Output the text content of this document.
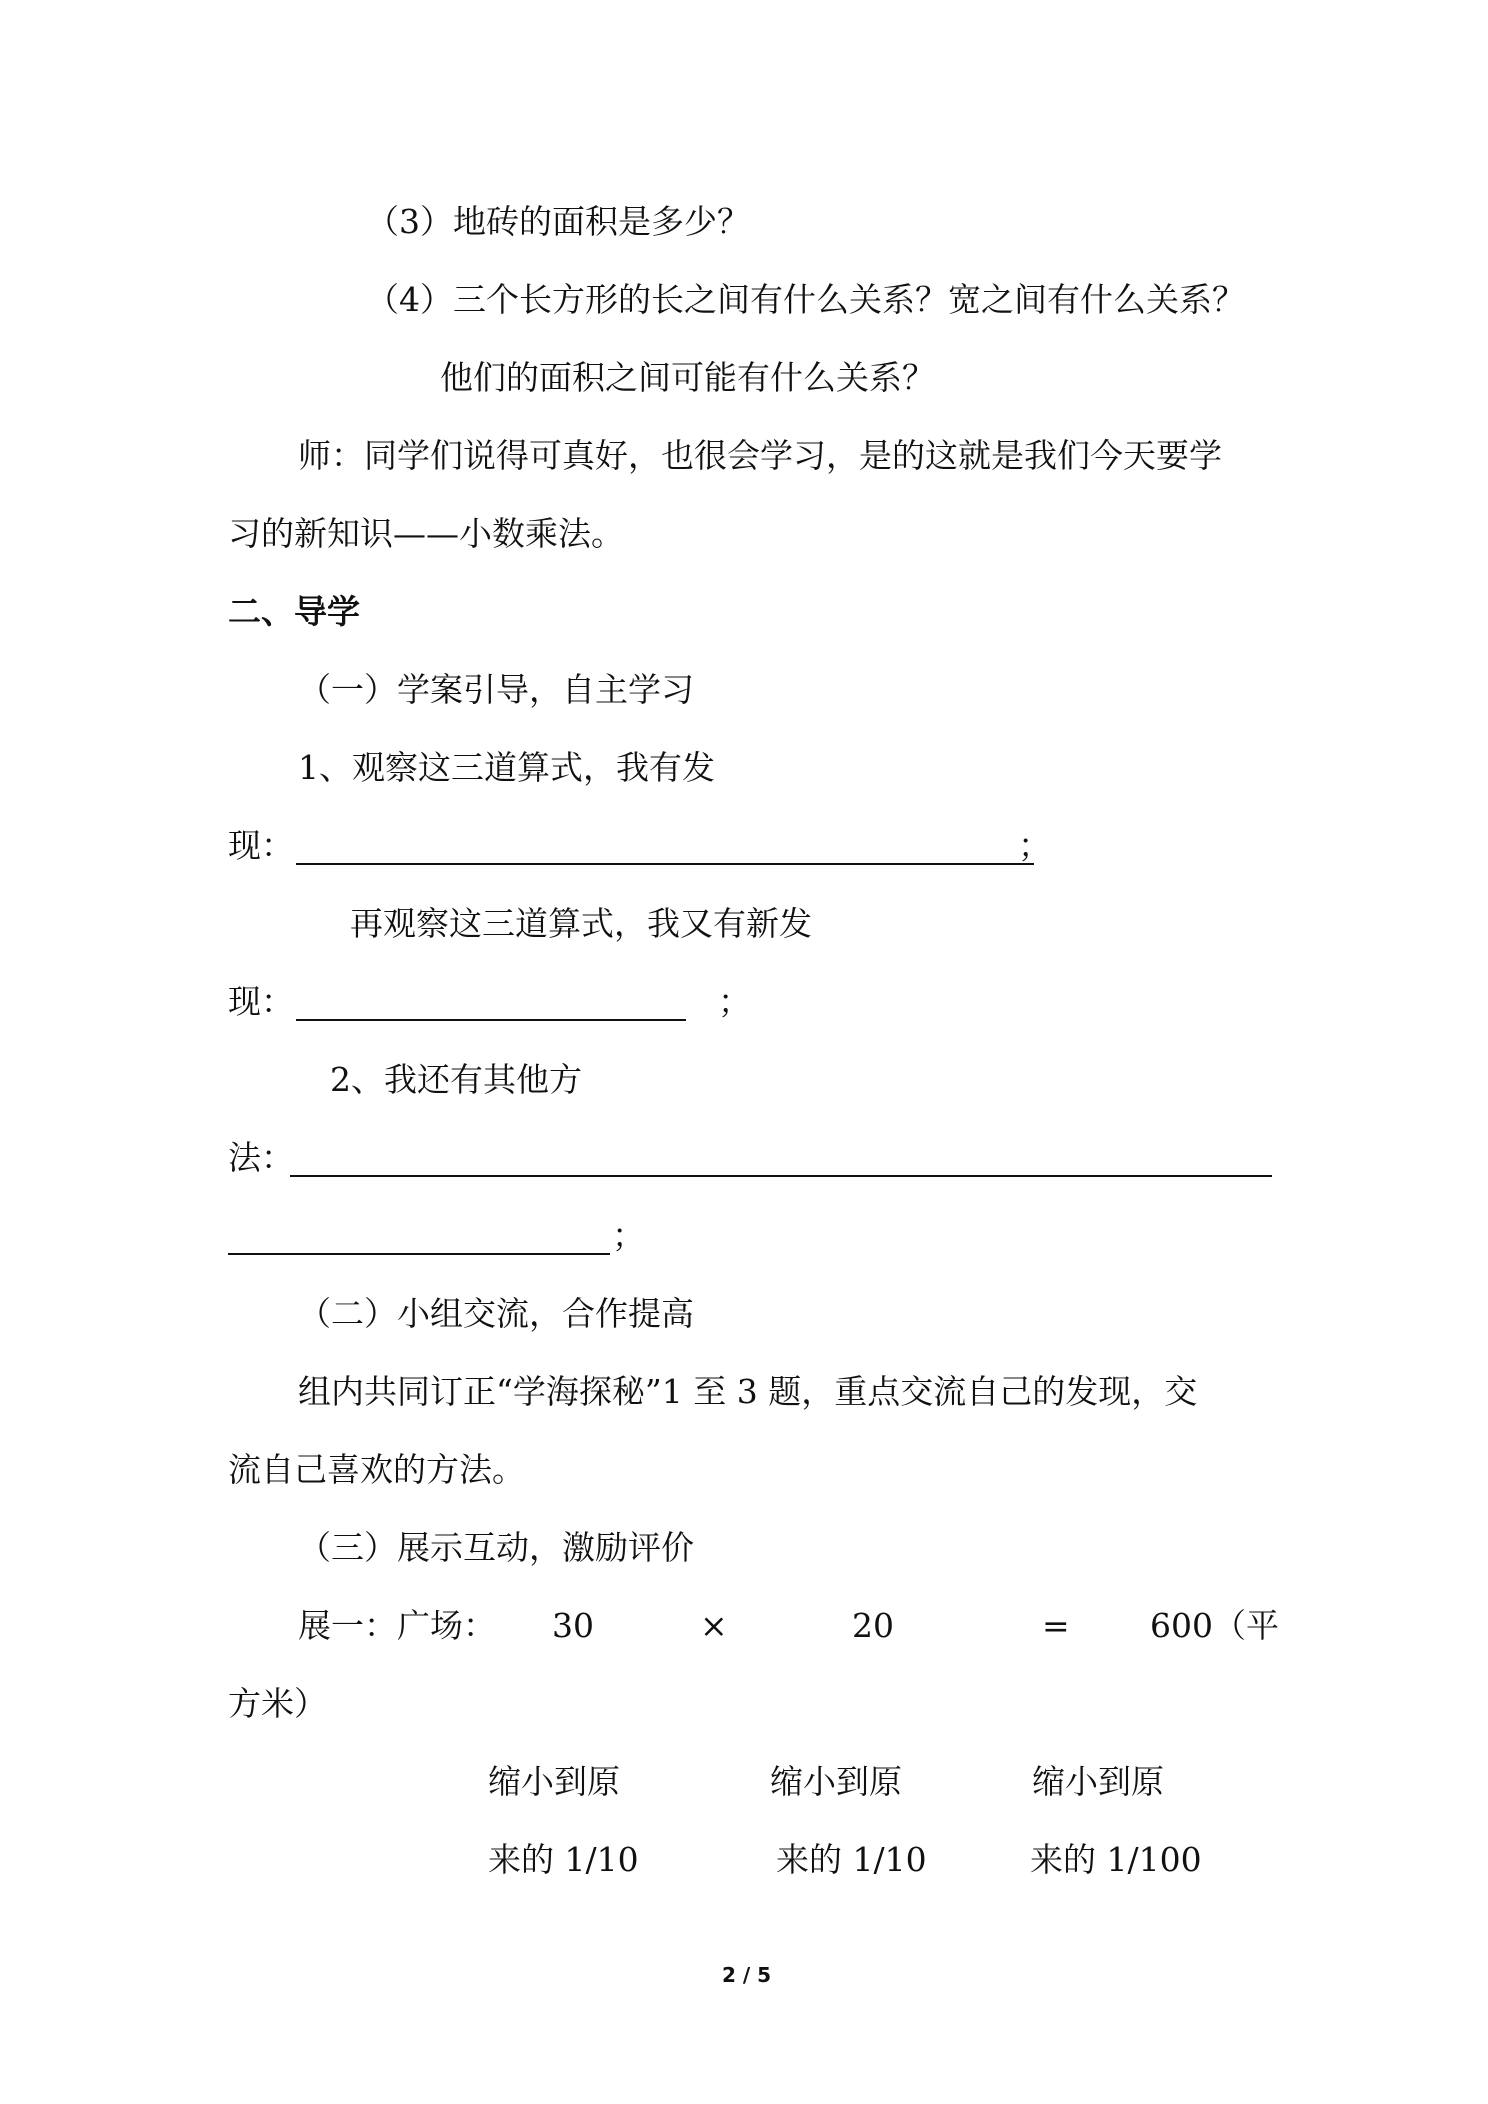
（3）地砖的面积是多少？
（4）三个长方形的长之间有什么关系？宽之间有什么关系？
他们的面积之间可能有什么关系？
师：同学们说得可真好，也很会学习，是的这就是我们今天要学
习的新知识——小数乘法。
二、导学
（一）学案引导，自主学习
1、观察这三道算式，我有发
现：	；
再观察这三道算式，我又有新发
现：	；
2、我还有其他方
法：
；
（二）小组交流，合作提高
组内共同订正“学海探秘”1 至 3 题，重点交流自己的发现，交
流自己喜欢的方法。
（三）展示互动，激励评价
展一：广场： 30	×	20	= 600（平
方米）
缩小到原
来的 1/10
缩小到原
来的 1/10
缩小到原
来的 1/100
2 / 5
